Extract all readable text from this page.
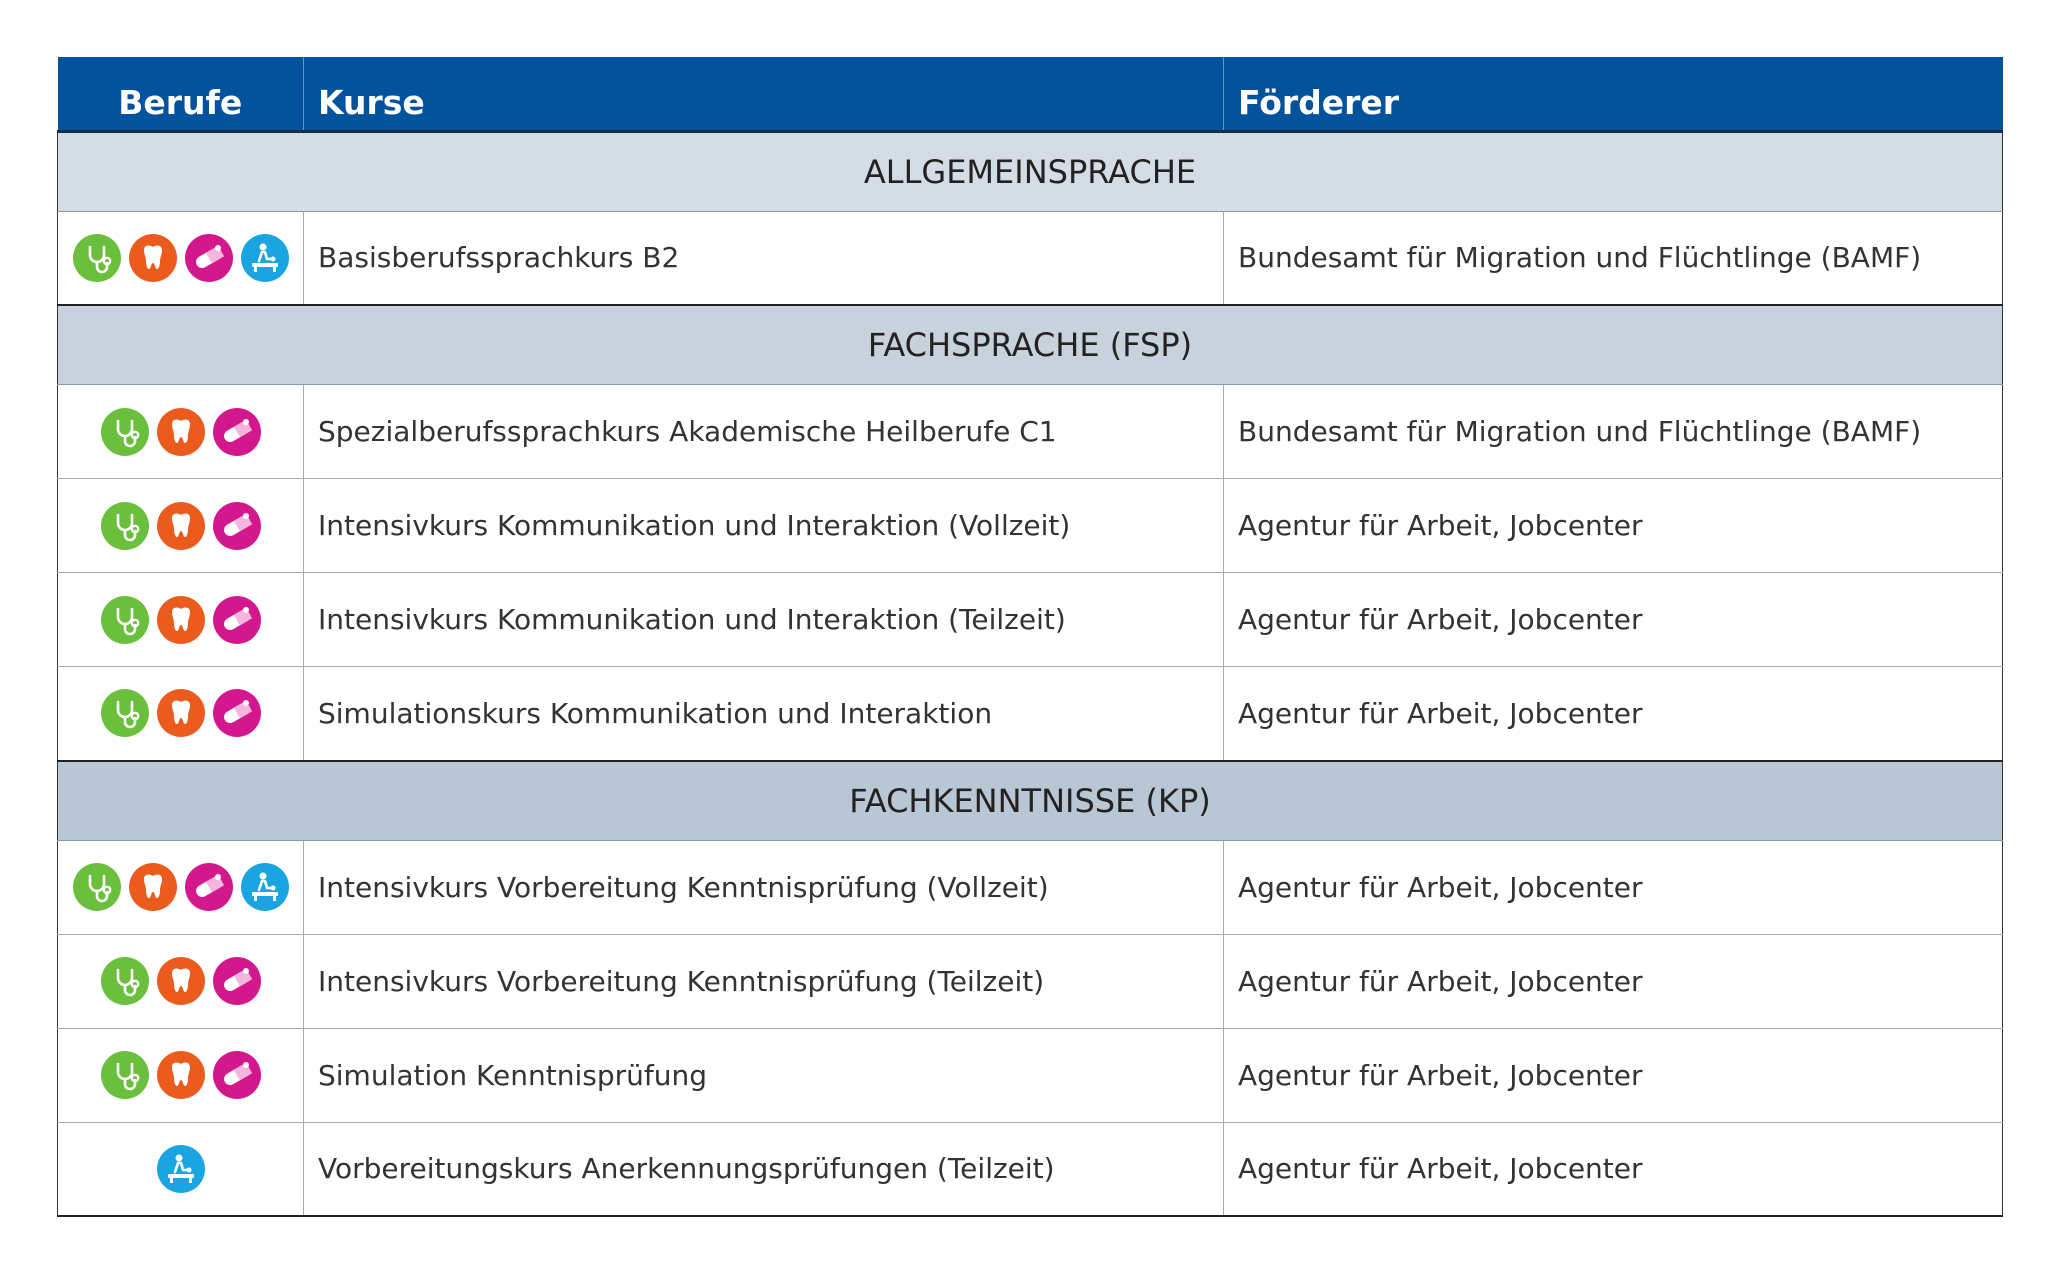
Berufe	Kurse	Förderer
ALLGEMEINSPRACHE		

	Basisberufssprachkurs B2	Bundesamt für Migration und Flüchtlinge (BAMF)
FACHSPRACHE (FSP)		

	Spezialberufssprachkurs Akademische Heilberufe C1	Bundesamt für Migration und Flüchtlinge (BAMF)

	Intensivkurs Kommunikation und Interaktion (Vollzeit)	Agentur für Arbeit, Jobcenter

	Intensivkurs Kommunikation und Interaktion (Teilzeit)	Agentur für Arbeit, Jobcenter

	Simulationskurs Kommunikation und Interaktion	Agentur für Arbeit, Jobcenter
FACHKENNTNISSE (KP)		

	Intensivkurs Vorbereitung Kenntnisprüfung (Vollzeit)	Agentur für Arbeit, Jobcenter

	Intensivkurs Vorbereitung Kenntnisprüfung (Teilzeit)	Agentur für Arbeit, Jobcenter

	Simulation Kenntnisprüfung	Agentur für Arbeit, Jobcenter

	Vorbereitungskurs Anerkennungsprüfungen (Teilzeit)	Agentur für Arbeit, Jobcenter
